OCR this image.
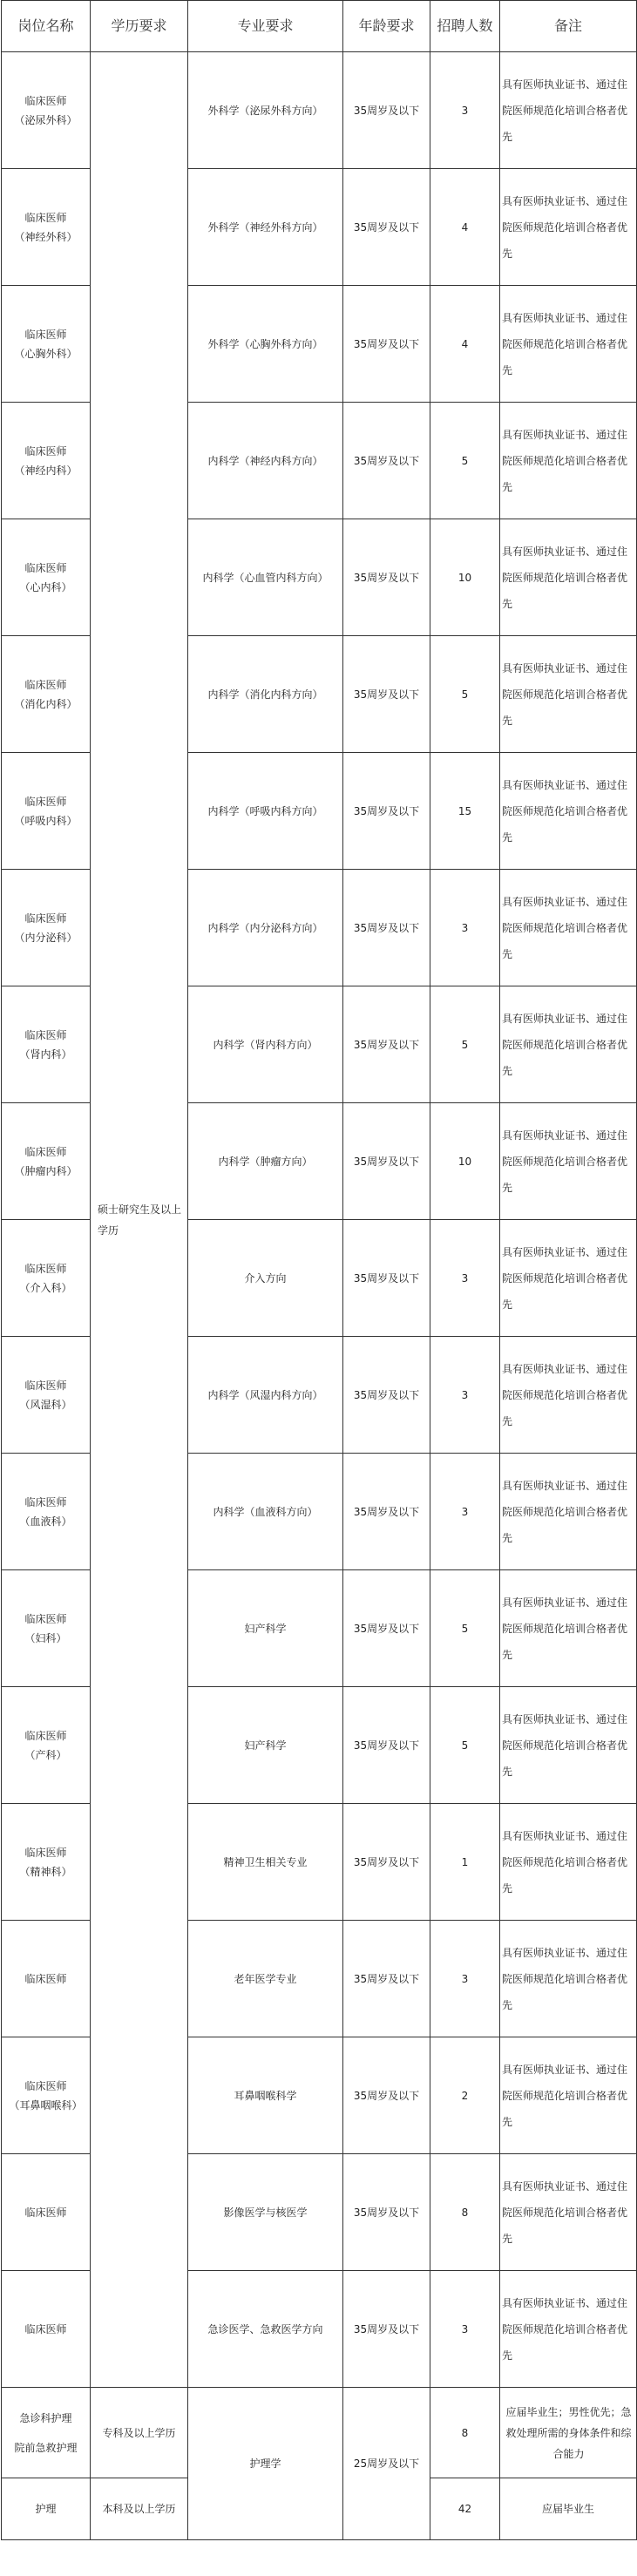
岗位名称	学历要求	专业要求	年龄要求	招聘人数	备注

临床医师
（泌尿外科）	硕士研究生及以上学历	外科学（泌尿外科方向）	35周岁及以下	3	具有医师执业证书、通过住院医师规范化培训合格者优先

临床医师
（神经外科）		外科学（神经外科方向）	35周岁及以下	4	具有医师执业证书、通过住院医师规范化培训合格者优先

临床医师
（心胸外科）		外科学（心胸外科方向）	35周岁及以下	4	具有医师执业证书、通过住院医师规范化培训合格者优先

临床医师
（神经内科）		内科学（神经内科方向）	35周岁及以下	5	具有医师执业证书、通过住院医师规范化培训合格者优先

临床医师
（心内科）		内科学（心血管内科方向）	35周岁及以下	10	具有医师执业证书、通过住院医师规范化培训合格者优先

临床医师
（消化内科）		内科学（消化内科方向）	35周岁及以下	5	具有医师执业证书、通过住院医师规范化培训合格者优先

临床医师
（呼吸内科）		内科学（呼吸内科方向）	35周岁及以下	15	具有医师执业证书、通过住院医师规范化培训合格者优先

临床医师
（内分泌科）		内科学（内分泌科方向）	35周岁及以下	3	具有医师执业证书、通过住院医师规范化培训合格者优先

临床医师
（肾内科）		内科学（肾内科方向）	35周岁及以下	5	具有医师执业证书、通过住院医师规范化培训合格者优先

临床医师
（肿瘤内科）		内科学（肿瘤方向）	35周岁及以下	10	具有医师执业证书、通过住院医师规范化培训合格者优先

临床医师
（介入科）		介入方向	35周岁及以下	3	具有医师执业证书、通过住院医师规范化培训合格者优先

临床医师
（风湿科）		内科学（风湿内科方向）	35周岁及以下	3	具有医师执业证书、通过住院医师规范化培训合格者优先

临床医师
（血液科）		内科学（血液科方向）	35周岁及以下	3	具有医师执业证书、通过住院医师规范化培训合格者优先

临床医师
（妇科）		妇产科学	35周岁及以下	5	具有医师执业证书、通过住院医师规范化培训合格者优先

临床医师
（产科）		妇产科学	35周岁及以下	5	具有医师执业证书、通过住院医师规范化培训合格者优先

临床医师
（精神科）		精神卫生相关专业	35周岁及以下	1	具有医师执业证书、通过住院医师规范化培训合格者优先

临床医师		老年医学专业	35周岁及以下	3	具有医师执业证书、通过住院医师规范化培训合格者优先

临床医师
（耳鼻咽喉科）		耳鼻咽喉科学	35周岁及以下	2	具有医师执业证书、通过住院医师规范化培训合格者优先

临床医师		影像医学与核医学	35周岁及以下	8	具有医师执业证书、通过住院医师规范化培训合格者优先

临床医师		急诊医学、急救医学方向	35周岁及以下	3	具有医师执业证书、通过住院医师规范化培训合格者优先

急诊科护理
院前急救护理	专科及以上学历	护理学	25周岁及以下	8	应届毕业生；男性优先；急救处理所需的身体条件和综合能力
护理	本科及以上学历			42	应届毕业生
